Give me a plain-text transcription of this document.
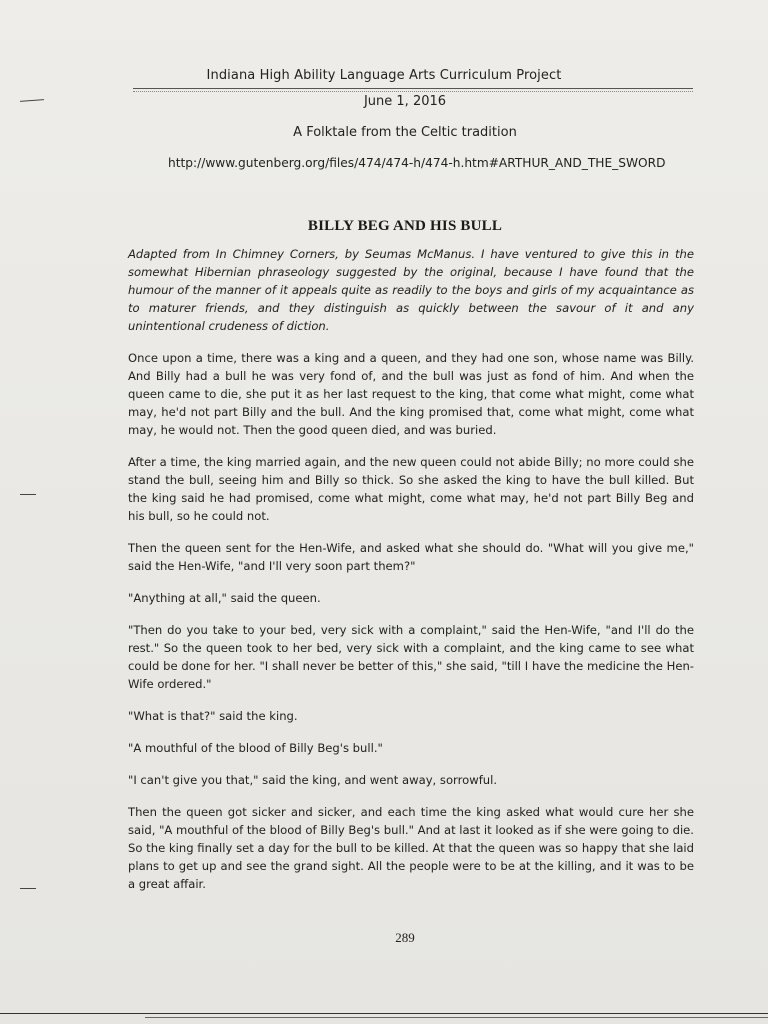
Indiana High Ability Language Arts Curriculum Project
June 1, 2016
A Folktale from the Celtic tradition
http://www.gutenberg.org/files/474/474-h/474-h.htm#ARTHUR_AND_THE_SWORD
BILLY BEG AND HIS BULL

Adapted from In Chimney Corners, by Seumas McManus. I have ventured to give this in the somewhat Hibernian phraseology suggested by the original, because I have found that the humour of the manner of it appeals quite as readily to the boys and girls of my acquaintance as to maturer friends, and they distinguish as quickly between the savour of it and any unintentional crudeness of diction.

Once upon a time, there was a king and a queen, and they had one son, whose name was Billy. And Billy had a bull he was very fond of, and the bull was just as fond of him. And when the queen came to die, she put it as her last request to the king, that come what might, come what may, he'd not part Billy and the bull. And the king promised that, come what might, come what may, he would not. Then the good queen died, and was buried.

After a time, the king married again, and the new queen could not abide Billy; no more could she stand the bull, seeing him and Billy so thick. So she asked the king to have the bull killed. But the king said he had promised, come what might, come what may, he'd not part Billy Beg and his bull, so he could not.

Then the queen sent for the Hen-Wife, and asked what she should do. "What will you give me," said the Hen-Wife, "and I'll very soon part them?"

"Anything at all," said the queen.

"Then do you take to your bed, very sick with a complaint," said the Hen-Wife, "and I'll do the rest." So the queen took to her bed, very sick with a complaint, and the king came to see what could be done for her. "I shall never be better of this," she said, "till I have the medicine the Hen-Wife ordered."

"What is that?" said the king.

"A mouthful of the blood of Billy Beg's bull."

"I can't give you that," said the king, and went away, sorrowful.

Then the queen got sicker and sicker, and each time the king asked what would cure her she said, "A mouthful of the blood of Billy Beg's bull." And at last it looked as if she were going to die. So the king finally set a day for the bull to be killed. At that the queen was so happy that she laid plans to get up and see the grand sight. All the people were to be at the killing, and it was to be a great affair.

289
